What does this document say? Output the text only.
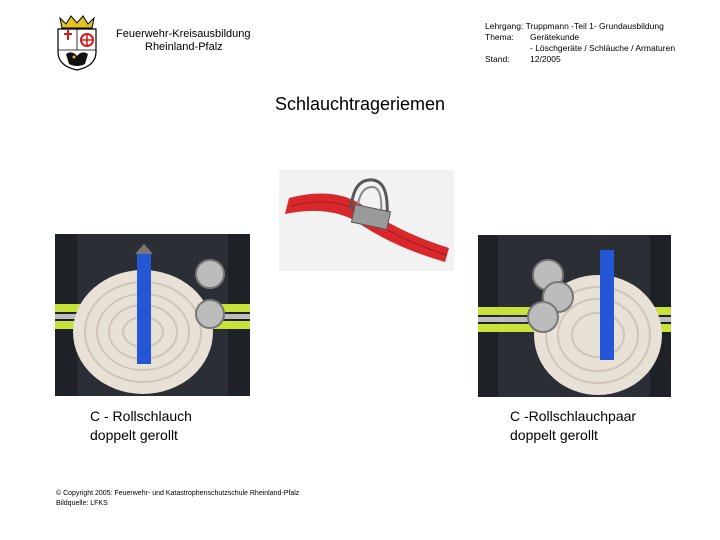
Feuerwehr-Kreisausbildung
Rheinland-Pfalz
Lehrgang:
Truppmann -Teil 1- Grundausbildung
Thema:	Gerätekunde
- Löschgeräte / Schläuche / Armaturen
Stand:	12/2005
Schlauchtrageriemen
C - Rollschlauch
doppelt gerollt
C -Rollschlauchpaar
doppelt gerollt
© Copyright 2005: Feuerwehr- und Katastrophenschutzschule Rheinland-Pfalz
Bildquelle: LFKS
